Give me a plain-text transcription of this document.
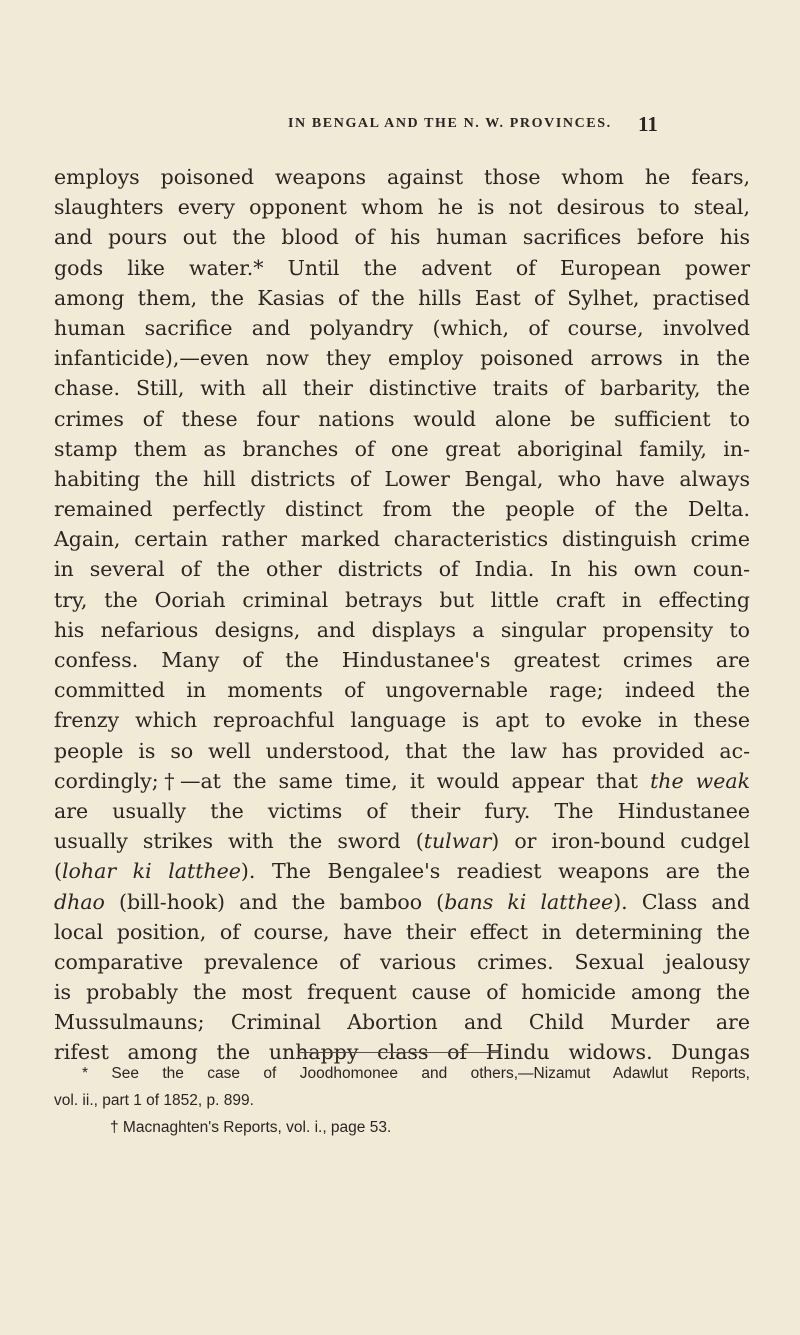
IN BENGAL AND THE N. W. PROVINCES. 11
employs poisoned weapons against those whom he fears,
slaughters every opponent whom he is not desirous to steal,
and pours out the blood of his human sacrifices before his
gods like water.* Until the advent of European power
among them, the Kasias of the hills East of Sylhet, practised
human sacrifice and polyandry (which, of course, involved
infanticide),—even now they employ poisoned arrows in the
chase. Still, with all their distinctive traits of barbarity, the
crimes of these four nations would alone be sufficient to
stamp them as branches of one great aboriginal family, in-
habiting the hill districts of Lower Bengal, who have always
remained perfectly distinct from the people of the Delta.
Again, certain rather marked characteristics distinguish crime
in several of the other districts of India. In his own coun-
try, the Ooriah criminal betrays but little craft in effecting
his nefarious designs, and displays a singular propensity to
confess. Many of the Hindustanee's greatest crimes are
committed in moments of ungovernable rage; indeed the
frenzy which reproachful language is apt to evoke in these
people is so well understood, that the law has provided ac-
cordingly;†—at the same time, it would appear that the weak
are usually the victims of their fury. The Hindustanee
usually strikes with the sword (tulwar) or iron-bound cudgel
(lohar ki latthee). The Bengalee's readiest weapons are the
dhao (bill-hook) and the bamboo (bans ki latthee). Class and
local position, of course, have their effect in determining the
comparative prevalence of various crimes. Sexual jealousy
is probably the most frequent cause of homicide among the
Mussulmauns; Criminal Abortion and Child Murder are
rifest among the unhappy class of Hindu widows. Dungas
* See the case of Joodhomonee and others,—Nizamut Adawlut Reports,
vol. ii., part 1 of 1852, p. 899.
† Macnaghten's Reports, vol. i., page 53.
